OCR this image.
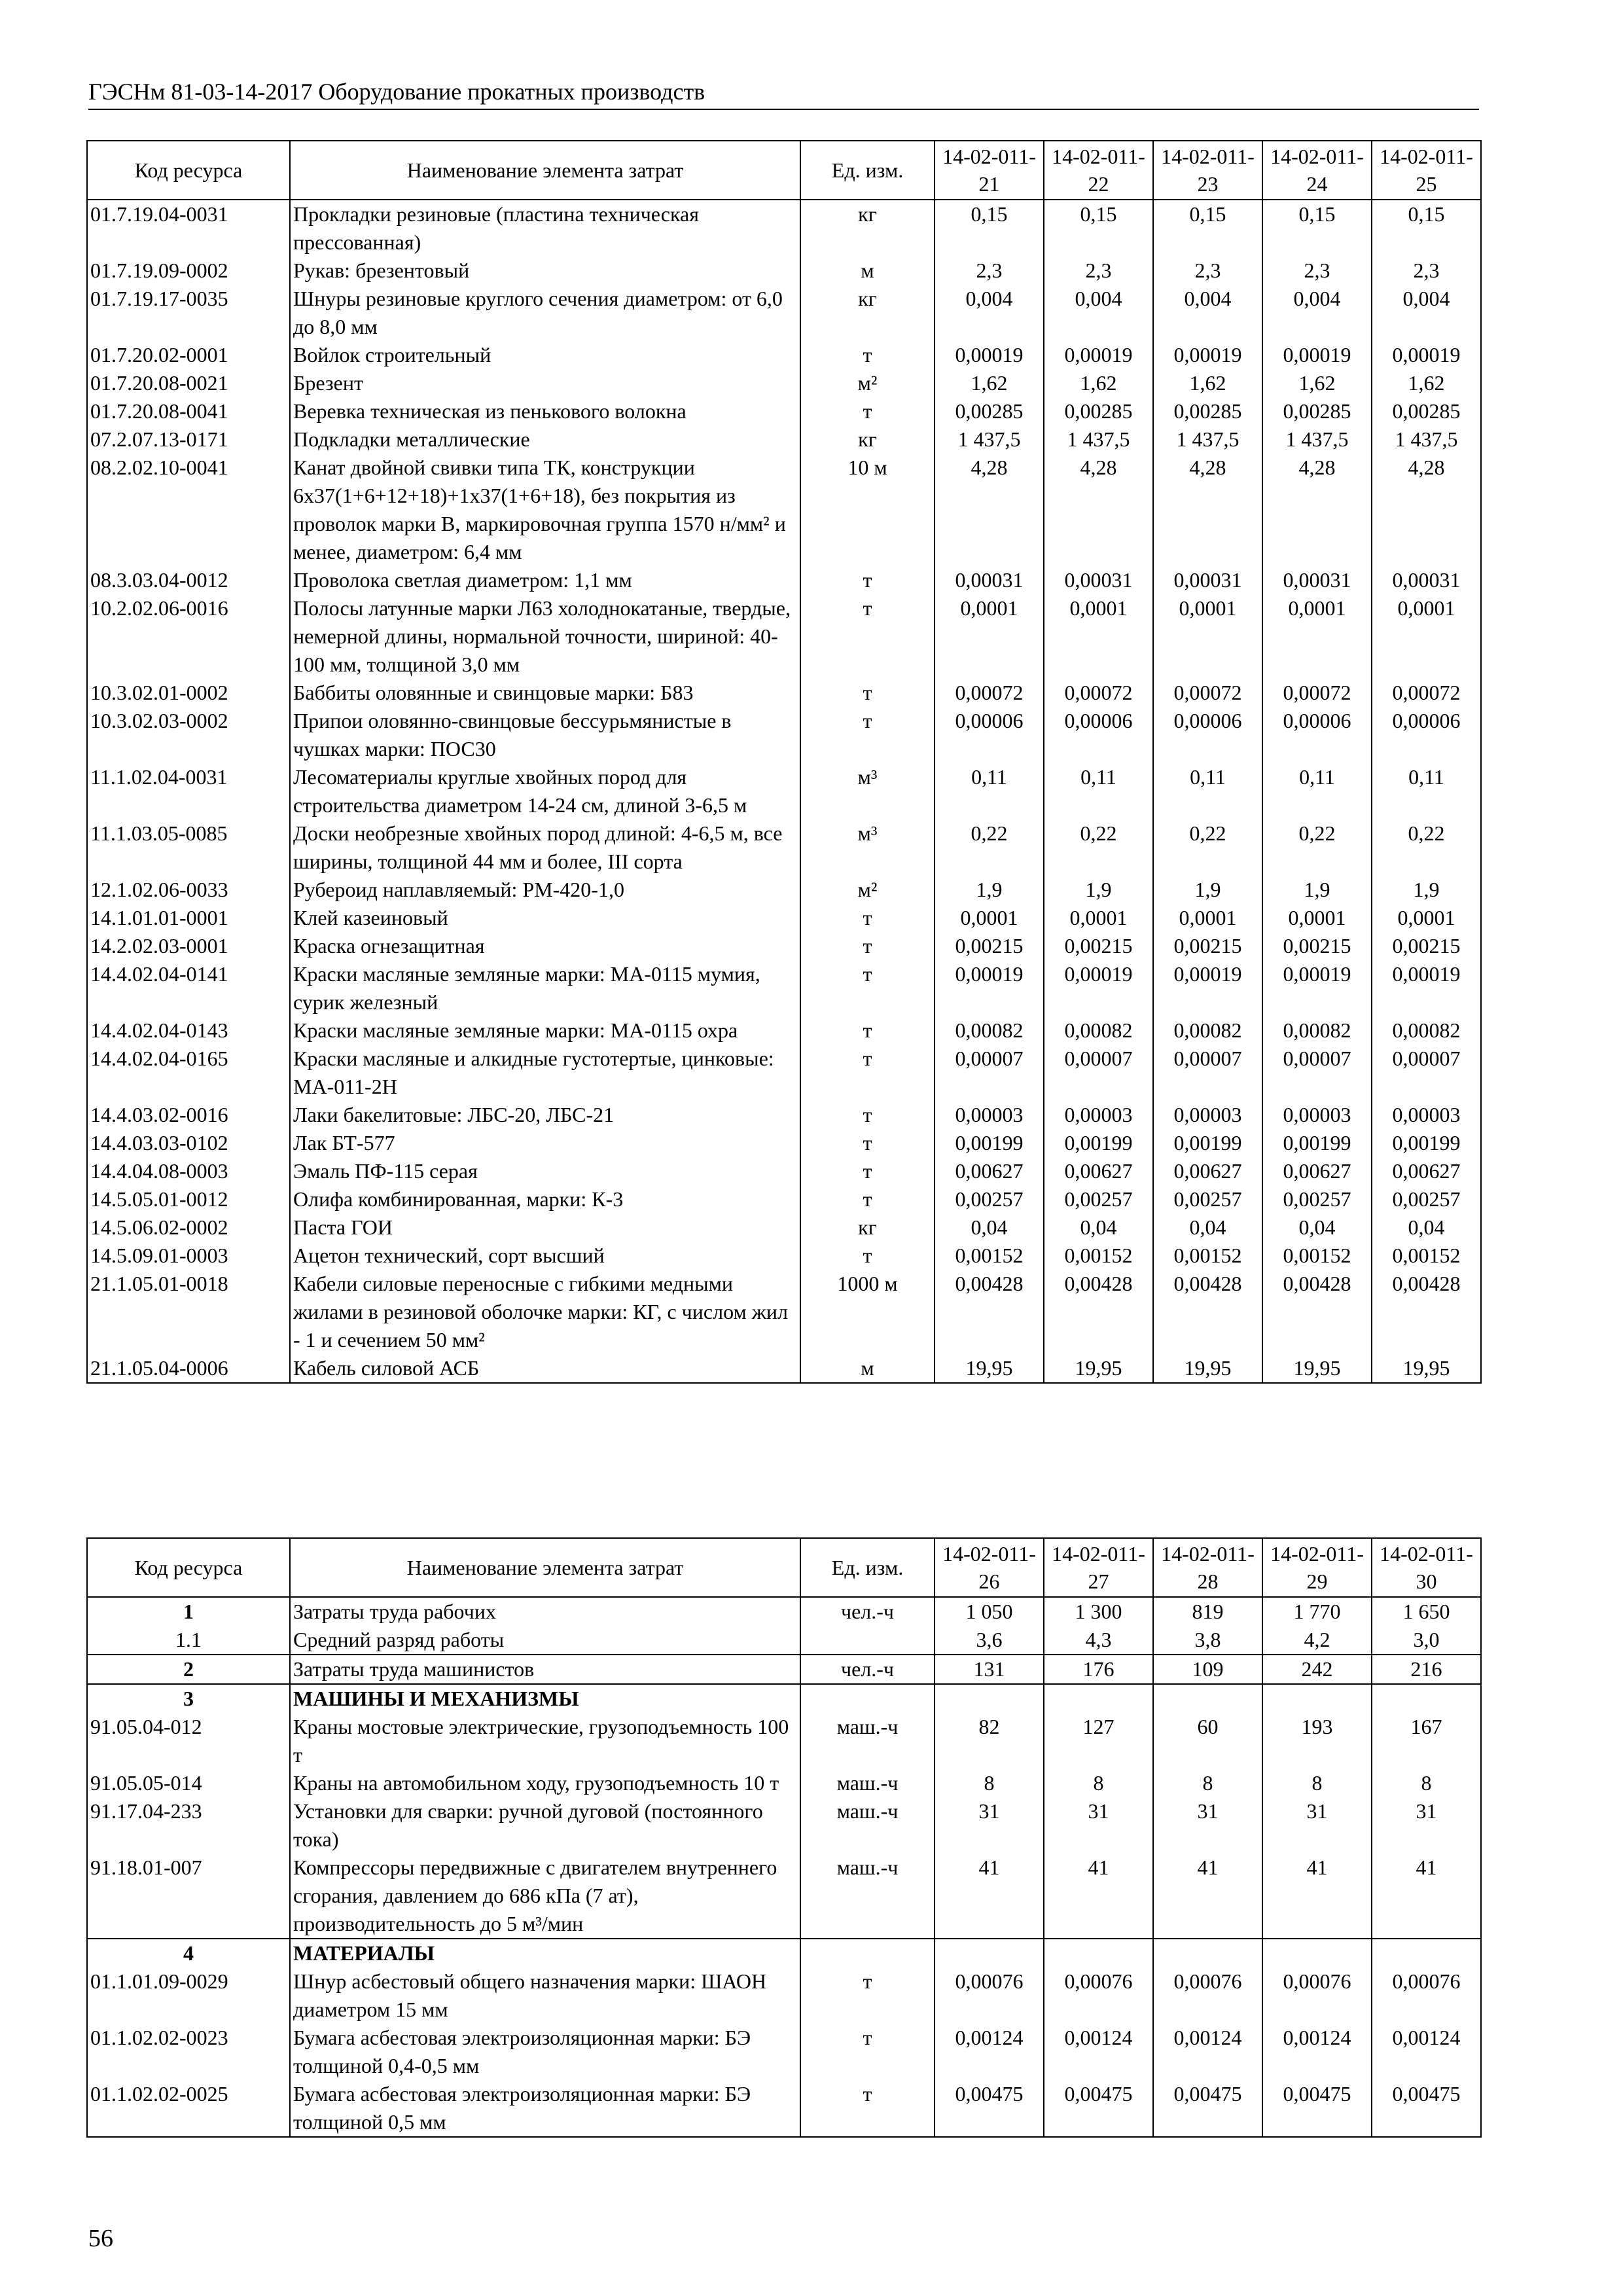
ГЭСНм 81-03-14-2017 Оборудование прокатных производств
Код ресурса	Наименование элемента затрат	Ед. изм.	14-02-011-21	14-02-011-22	14-02-011-23	14-02-011-24	14-02-011-25
01.7.19.04-0031	Прокладки резиновые (пластина техническая прессованная)	кг	0,15	0,15	0,15	0,15	0,15
01.7.19.09-0002	Рукав: брезентовый	м	2,3	2,3	2,3	2,3	2,3
01.7.19.17-0035	Шнуры резиновые круглого сечения диаметром: от 6,0 до 8,0 мм	кг	0,004	0,004	0,004	0,004	0,004
01.7.20.02-0001	Войлок строительный	т	0,00019	0,00019	0,00019	0,00019	0,00019
01.7.20.08-0021	Брезент	м²	1,62	1,62	1,62	1,62	1,62
01.7.20.08-0041	Веревка техническая из пенькового волокна	т	0,00285	0,00285	0,00285	0,00285	0,00285
07.2.07.13-0171	Подкладки металлические	кг	1 437,5	1 437,5	1 437,5	1 437,5	1 437,5
08.2.02.10-0041	Канат двойной свивки типа ТК, конструкции 6х37(1+6+12+18)+1х37(1+6+18), без покрытия из проволок марки В, маркировочная группа 1570 н/мм² и менее, диаметром: 6,4 мм	10 м	4,28	4,28	4,28	4,28	4,28
08.3.03.04-0012	Проволока светлая диаметром: 1,1 мм	т	0,00031	0,00031	0,00031	0,00031	0,00031
10.2.02.06-0016	Полосы латунные марки Л63 холоднокатаные, твердые, немерной длины, нормальной точности, шириной: 40-100 мм, толщиной 3,0 мм	т	0,0001	0,0001	0,0001	0,0001	0,0001
10.3.02.01-0002	Баббиты оловянные и свинцовые марки: Б83	т	0,00072	0,00072	0,00072	0,00072	0,00072
10.3.02.03-0002	Припои оловянно-свинцовые бессурьмянистые в чушках марки: ПОС30	т	0,00006	0,00006	0,00006	0,00006	0,00006
11.1.02.04-0031	Лесоматериалы круглые хвойных пород для строительства диаметром 14-24 см, длиной 3-6,5 м	м³	0,11	0,11	0,11	0,11	0,11
11.1.03.05-0085	Доски необрезные хвойных пород длиной: 4-6,5 м, все ширины, толщиной 44 мм и более, III сорта	м³	0,22	0,22	0,22	0,22	0,22
12.1.02.06-0033	Рубероид наплавляемый: РМ-420-1,0	м²	1,9	1,9	1,9	1,9	1,9
14.1.01.01-0001	Клей казеиновый	т	0,0001	0,0001	0,0001	0,0001	0,0001
14.2.02.03-0001	Краска огнезащитная	т	0,00215	0,00215	0,00215	0,00215	0,00215
14.4.02.04-0141	Краски масляные земляные марки: МА-0115 мумия, сурик железный	т	0,00019	0,00019	0,00019	0,00019	0,00019
14.4.02.04-0143	Краски масляные земляные марки: МА-0115 охра	т	0,00082	0,00082	0,00082	0,00082	0,00082
14.4.02.04-0165	Краски масляные и алкидные густотертые, цинковые: МА-011-2Н	т	0,00007	0,00007	0,00007	0,00007	0,00007
14.4.03.02-0016	Лаки бакелитовые: ЛБС-20, ЛБС-21	т	0,00003	0,00003	0,00003	0,00003	0,00003
14.4.03.03-0102	Лак БТ-577	т	0,00199	0,00199	0,00199	0,00199	0,00199
14.4.04.08-0003	Эмаль ПФ-115 серая	т	0,00627	0,00627	0,00627	0,00627	0,00627
14.5.05.01-0012	Олифа комбинированная, марки: К-3	т	0,00257	0,00257	0,00257	0,00257	0,00257
14.5.06.02-0002	Паста ГОИ	кг	0,04	0,04	0,04	0,04	0,04
14.5.09.01-0003	Ацетон технический, сорт высший	т	0,00152	0,00152	0,00152	0,00152	0,00152
21.1.05.01-0018	Кабели силовые переносные с гибкими медными жилами в резиновой оболочке марки: КГ, с числом жил - 1 и сечением 50 мм²	1000 м	0,00428	0,00428	0,00428	0,00428	0,00428
21.1.05.04-0006	Кабель силовой АСБ	м	19,95	19,95	19,95	19,95	19,95
Код ресурса	Наименование элемента затрат	Ед. изм.	14-02-011-26	14-02-011-27	14-02-011-28	14-02-011-29	14-02-011-30
1	Затраты труда рабочих	чел.-ч	1 050	1 300	819	1 770	1 650
1.1	Средний разряд работы		3,6	4,3	3,8	4,2	3,0
2	Затраты труда машинистов	чел.-ч	131	176	109	242	216
3	МАШИНЫ И МЕХАНИЗМЫ						
91.05.04-012	Краны мостовые электрические, грузоподъемность 100 т	маш.-ч	82	127	60	193	167
91.05.05-014	Краны на автомобильном ходу, грузоподъемность 10 т	маш.-ч	8	8	8	8	8
91.17.04-233	Установки для сварки: ручной дуговой (постоянного тока)	маш.-ч	31	31	31	31	31
91.18.01-007	Компрессоры передвижные с двигателем внутреннего сгорания, давлением до 686 кПа (7 ат), производительность до 5 м³/мин	маш.-ч	41	41	41	41	41
4	МАТЕРИАЛЫ						
01.1.01.09-0029	Шнур асбестовый общего назначения марки: ШАОН диаметром 15 мм	т	0,00076	0,00076	0,00076	0,00076	0,00076
01.1.02.02-0023	Бумага асбестовая электроизоляционная марки: БЭ толщиной 0,4-0,5 мм	т	0,00124	0,00124	0,00124	0,00124	0,00124
01.1.02.02-0025	Бумага асбестовая электроизоляционная марки: БЭ толщиной 0,5 мм	т	0,00475	0,00475	0,00475	0,00475	0,00475
56
